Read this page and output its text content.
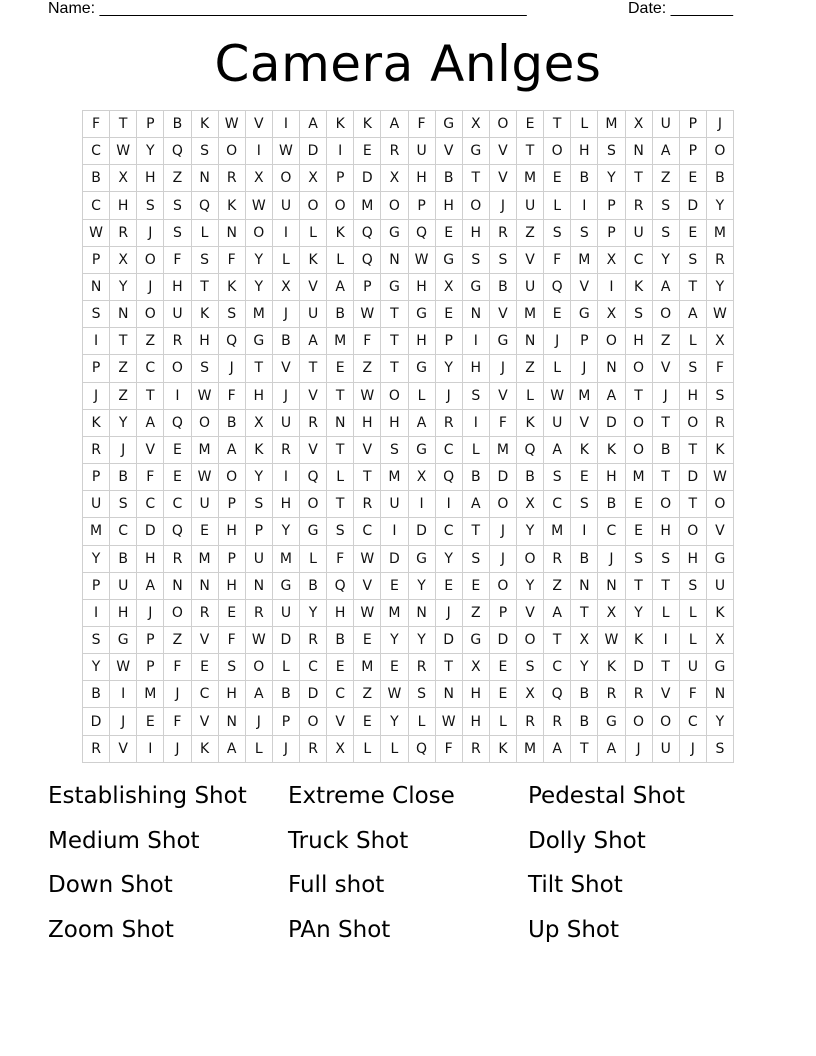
Name: ________________________________________________	Date: _______
Camera Anlges
F	T	P	B	K	W	V	I	A	K	K	A	F	G	X	O	E	T	L	M	X	U	P	J
C	W	Y	Q	S	O	I	W	D	I	E	R	U	V	G	V	T	O	H	S	N	A	P	O
B	X	H	Z	N	R	X	O	X	P	D	X	H	B	T	V	M	E	B	Y	T	Z	E	B
C	H	S	S	Q	K	W	U	O	O	M	O	P	H	O	J	U	L	I	P	R	S	D	Y
W	R	J	S	L	N	O	I	L	K	Q	G	Q	E	H	R	Z	S	S	P	U	S	E	M
P	X	O	F	S	F	Y	L	K	L	Q	N	W	G	S	S	V	F	M	X	C	Y	S	R
N	Y	J	H	T	K	Y	X	V	A	P	G	H	X	G	B	U	Q	V	I	K	A	T	Y
S	N	O	U	K	S	M	J	U	B	W	T	G	E	N	V	M	E	G	X	S	O	A	W
I	T	Z	R	H	Q	G	B	A	M	F	T	H	P	I	G	N	J	P	O	H	Z	L	X
P	Z	C	O	S	J	T	V	T	E	Z	T	G	Y	H	J	Z	L	J	N	O	V	S	F
J	Z	T	I	W	F	H	J	V	T	W	O	L	J	S	V	L	W	M	A	T	J	H	S
K	Y	A	Q	O	B	X	U	R	N	H	H	A	R	I	F	K	U	V	D	O	T	O	R
R	J	V	E	M	A	K	R	V	T	V	S	G	C	L	M	Q	A	K	K	O	B	T	K
P	B	F	E	W	O	Y	I	Q	L	T	M	X	Q	B	D	B	S	E	H	M	T	D	W
U	S	C	C	U	P	S	H	O	T	R	U	I	I	A	O	X	C	S	B	E	O	T	O
M	C	D	Q	E	H	P	Y	G	S	C	I	D	C	T	J	Y	M	I	C	E	H	O	V
Y	B	H	R	M	P	U	M	L	F	W	D	G	Y	S	J	O	R	B	J	S	S	H	G
P	U	A	N	N	H	N	G	B	Q	V	E	Y	E	E	O	Y	Z	N	N	T	T	S	U
I	H	J	O	R	E	R	U	Y	H	W	M	N	J	Z	P	V	A	T	X	Y	L	L	K
S	G	P	Z	V	F	W	D	R	B	E	Y	Y	D	G	D	O	T	X	W	K	I	L	X
Y	W	P	F	E	S	O	L	C	E	M	E	R	T	X	E	S	C	Y	K	D	T	U	G
B	I	M	J	C	H	A	B	D	C	Z	W	S	N	H	E	X	Q	B	R	R	V	F	N
D	J	E	F	V	N	J	P	O	V	E	Y	L	W	H	L	R	R	B	G	O	O	C	Y
R	V	I	J	K	A	L	J	R	X	L	L	Q	F	R	K	M	A	T	A	J	U	J	S
Establishing Shot	Extreme Close	Pedestal Shot
Medium Shot	Truck Shot	Dolly Shot
Down Shot	Full shot	Tilt Shot
Zoom Shot	PAn Shot	Up Shot
